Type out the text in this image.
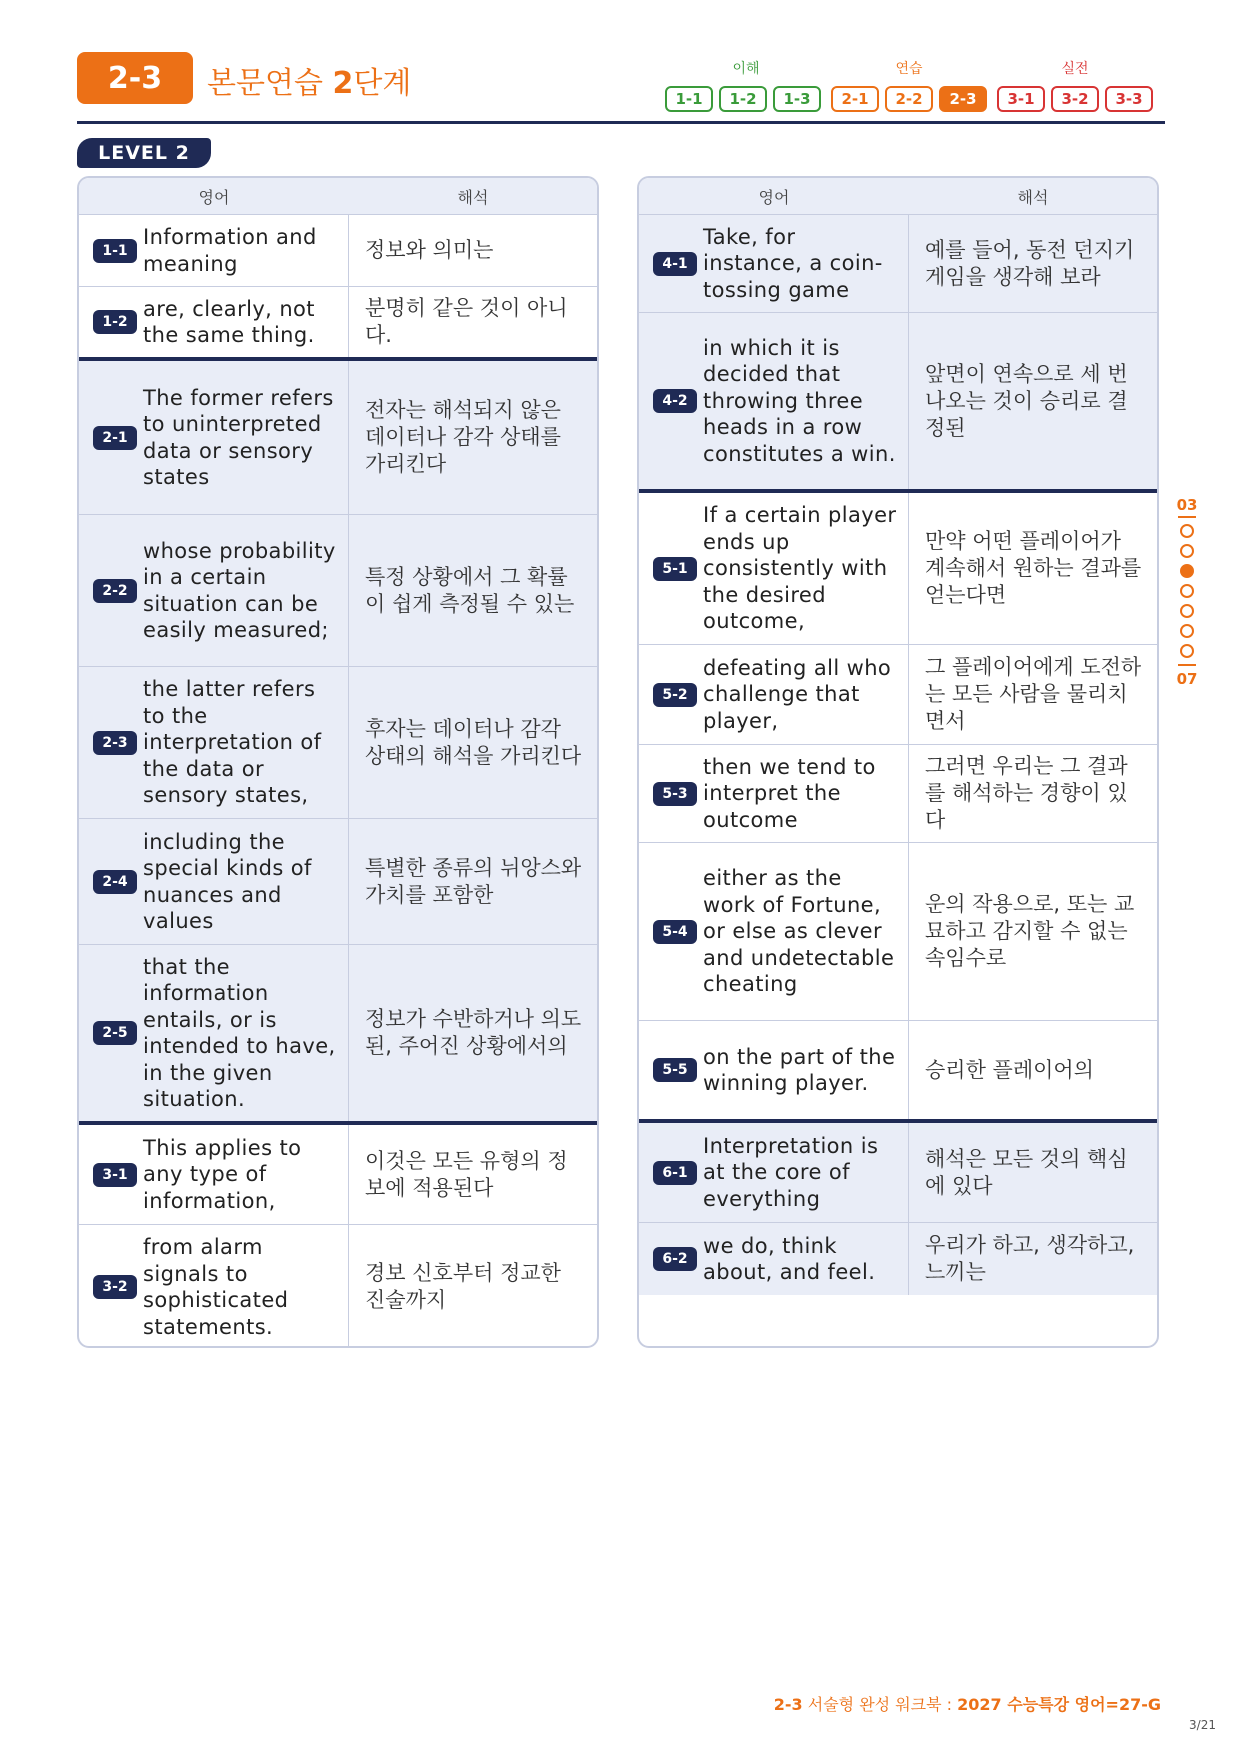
2-3	본문연습 2단계	이해
1-1	1-2	1-3
연습
2-1	2-2	2-3
실전
3-1	3-2	3-3
LEVEL 2
영어	해석
1-1
Information and meaning
정보와 의미는
1-2
are, clearly, not the same thing.
분명히 같은 것이 아니다.
2-1
The former refers to uninterpreted data or sensory states
전자는 해석되지 않은 데이터나 감각 상태를 가리킨다
2-2
whose probability in a certain situation can be easily measured;
특정 상황에서 그 확률이 쉽게 측정될 수 있는
2-3
the latter refers to the interpretation of the data or sensory states,
후자는 데이터나 감각 상태의 해석을 가리킨다
2-4
including the special kinds of nuances and values
특별한 종류의 뉘앙스와 가치를 포함한
2-5
that the information entails, or is intended to have, in the given situation.
정보가 수반하거나 의도된, 주어진 상황에서의
3-1
This applies to any type of information,
이것은 모든 유형의 정보에 적용된다
3-2
from alarm signals to sophisticated statements.
경보 신호부터 정교한 진술까지
영어	해석
4-1
Take, for instance, a coin-tossing game
예를 들어, 동전 던지기 게임을 생각해 보라
4-2
in which it is decided that throwing three heads in a row constitutes a win.
앞면이 연속으로 세 번 나오는 것이 승리로 결정된
5-1
If a certain player ends up consistently with the desired outcome,
만약 어떤 플레이어가 계속해서 원하는 결과를 얻는다면
5-2
defeating all who challenge that player,
그 플레이어에게 도전하는 모든 사람을 물리치면서
5-3
then we tend to interpret the outcome
그러면 우리는 그 결과를 해석하는 경향이 있다
5-4
either as the work of Fortune, or else as clever and undetectable cheating
운의 작용으로, 또는 교묘하고 감지할 수 없는 속임수로
5-5
on the part of the winning player.
승리한 플레이어의
6-1
Interpretation is at the core of everything
해석은 모든 것의 핵심에 있다
6-2
we do, think about, and feel.
우리가 하고, 생각하고, 느끼는
03
07
2-3 서술형 완성 워크북 : 2027 수능특강 영어=27-G
3/21
